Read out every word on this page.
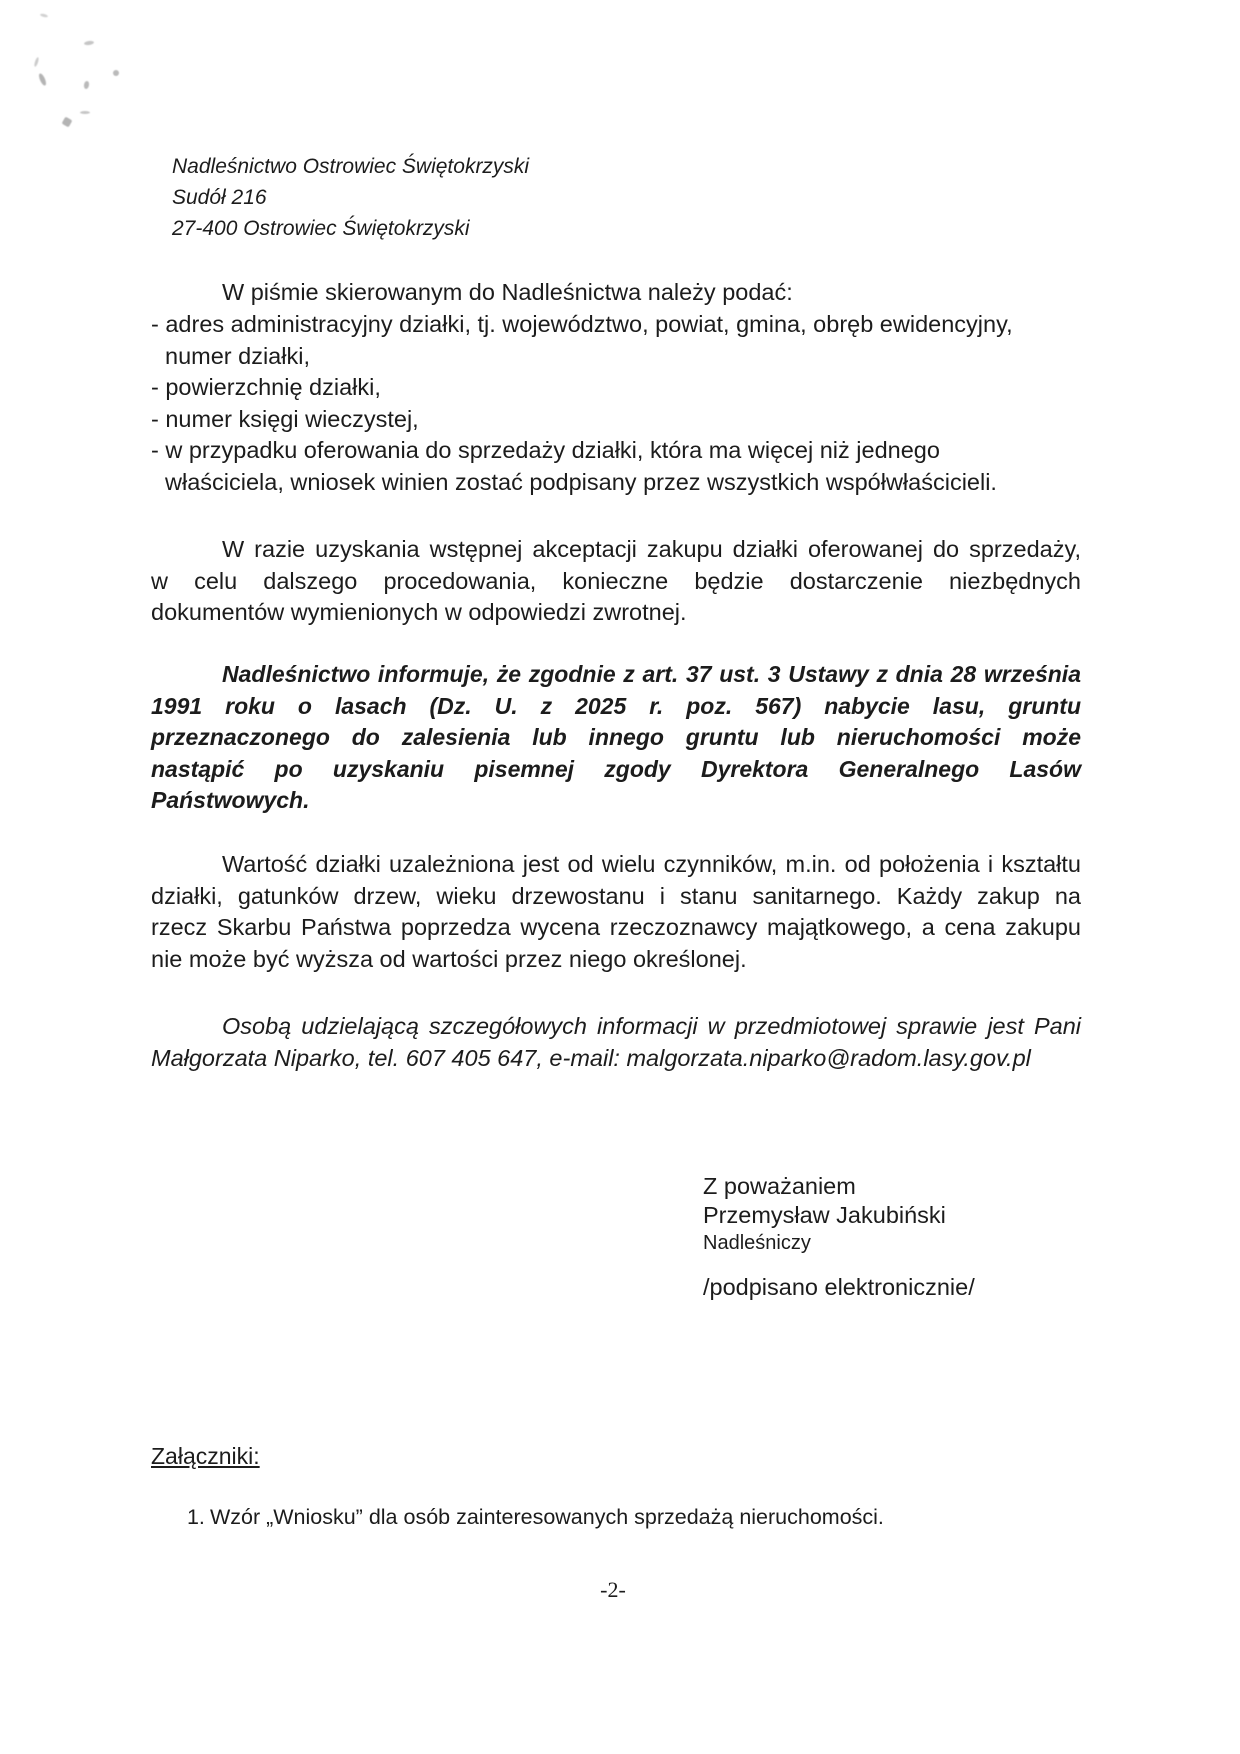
Nadleśnictwo Ostrowiec Świętokrzyski
Sudół 216
27-400 Ostrowiec Świętokrzyski
W piśmie skierowanym do Nadleśnictwa należy podać:
- adres administracyjny działki, tj. województwo, powiat, gmina, obręb ewidencyjny,
numer działki,
- powierzchnię działki,
- numer księgi wieczystej,
- w przypadku oferowania do sprzedaży działki, która ma więcej niż jednego
właściciela, wniosek winien zostać podpisany przez wszystkich współwłaścicieli.
W razie uzyskania wstępnej akceptacji zakupu działki oferowanej do sprzedaży,
w celu dalszego procedowania, konieczne będzie dostarczenie niezbędnych
dokumentów wymienionych w odpowiedzi zwrotnej.
Nadleśnictwo informuje, że zgodnie z art. 37 ust. 3 Ustawy z dnia 28 września
1991 roku o lasach (Dz. U. z 2025 r. poz. 567) nabycie lasu, gruntu
przeznaczonego do zalesienia lub innego gruntu lub nieruchomości może
nastąpić po uzyskaniu pisemnej zgody Dyrektora Generalnego Lasów
Państwowych.
Wartość działki uzależniona jest od wielu czynników, m.in. od położenia i kształtu
działki, gatunków drzew, wieku drzewostanu i stanu sanitarnego. Każdy zakup na
rzecz Skarbu Państwa poprzedza wycena rzeczoznawcy majątkowego, a cena zakupu
nie może być wyższa od wartości przez niego określonej.
Osobą udzielającą szczegółowych informacji w przedmiotowej sprawie jest Pani
Małgorzata Niparko, tel. 607 405 647, e-mail: malgorzata.niparko@radom.lasy.gov.pl
Z poważaniem
Przemysław Jakubiński
Nadleśniczy
/podpisano elektronicznie/
Załączniki:

1. Wzór „Wniosku” dla osób zainteresowanych sprzedażą nieruchomości.

-2-
